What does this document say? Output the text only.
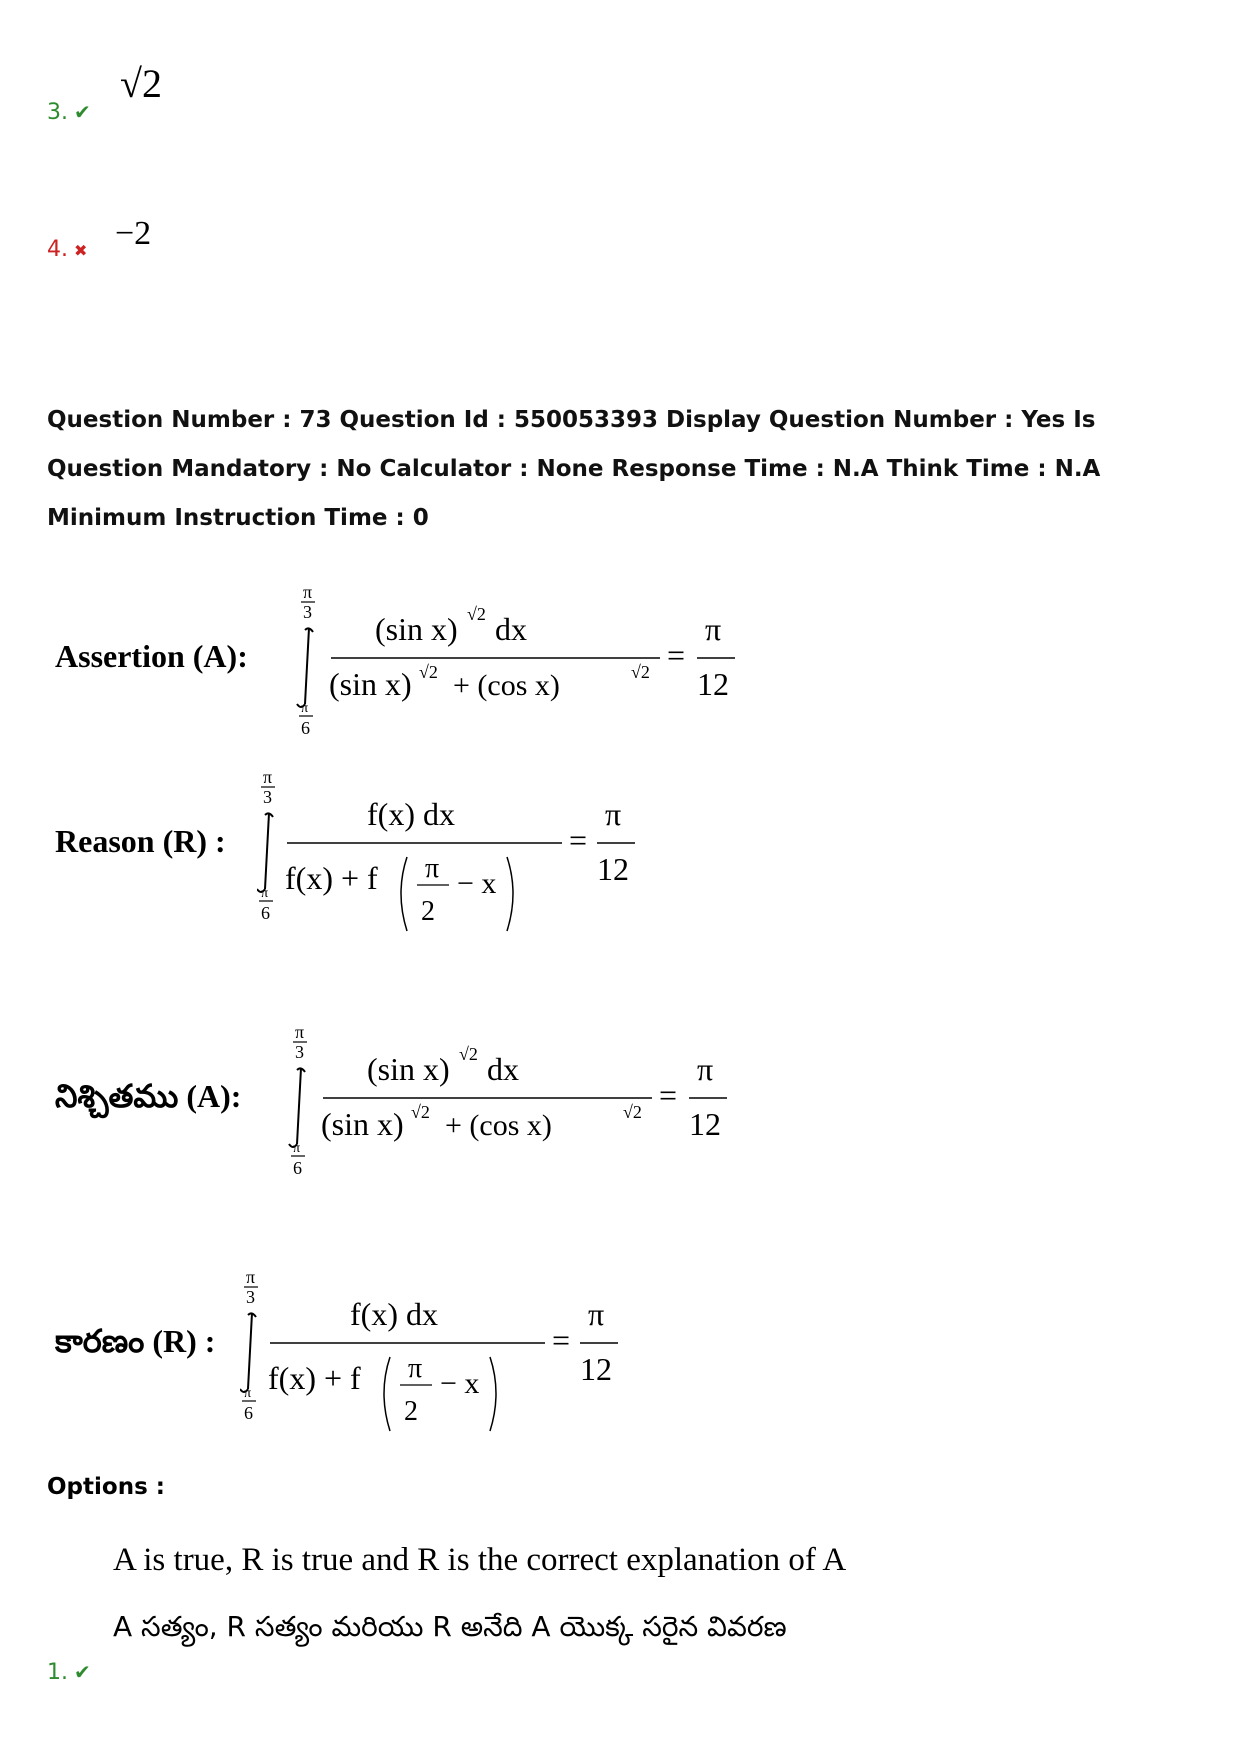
3. ✔
√2
4. ✖ −2
Question Number : 73 Question Id : 550053393 Display Question Number : Yes Is Question Mandatory : No Calculator : None Response Time : N.A Think Time : N.A Minimum Instruction Time : 0
Assertion (A):
π
3
π
6
(sin x) √2 dx
(sin x) √2 + (cos x)	√2 =
π
12
Reason (R) :
π
3
π
6
f(x) dx
f(x) + f π
2
− x
=
π
12
నిశ్చితము (A):
π
3
π
6
(sin x) √2 dx
(sin x) √2 + (cos x)	√2 =
π
12
కారణం (R) :
π
3
π
6
f(x) dx
f(x) + f π
2
− x
=
π
12
Options :
A is true, R is true and R is the correct explanation of A
A సత్యం, R సత్యం మరియు R అనేది A యొక్క సరైన వివరణ
1. ✔
